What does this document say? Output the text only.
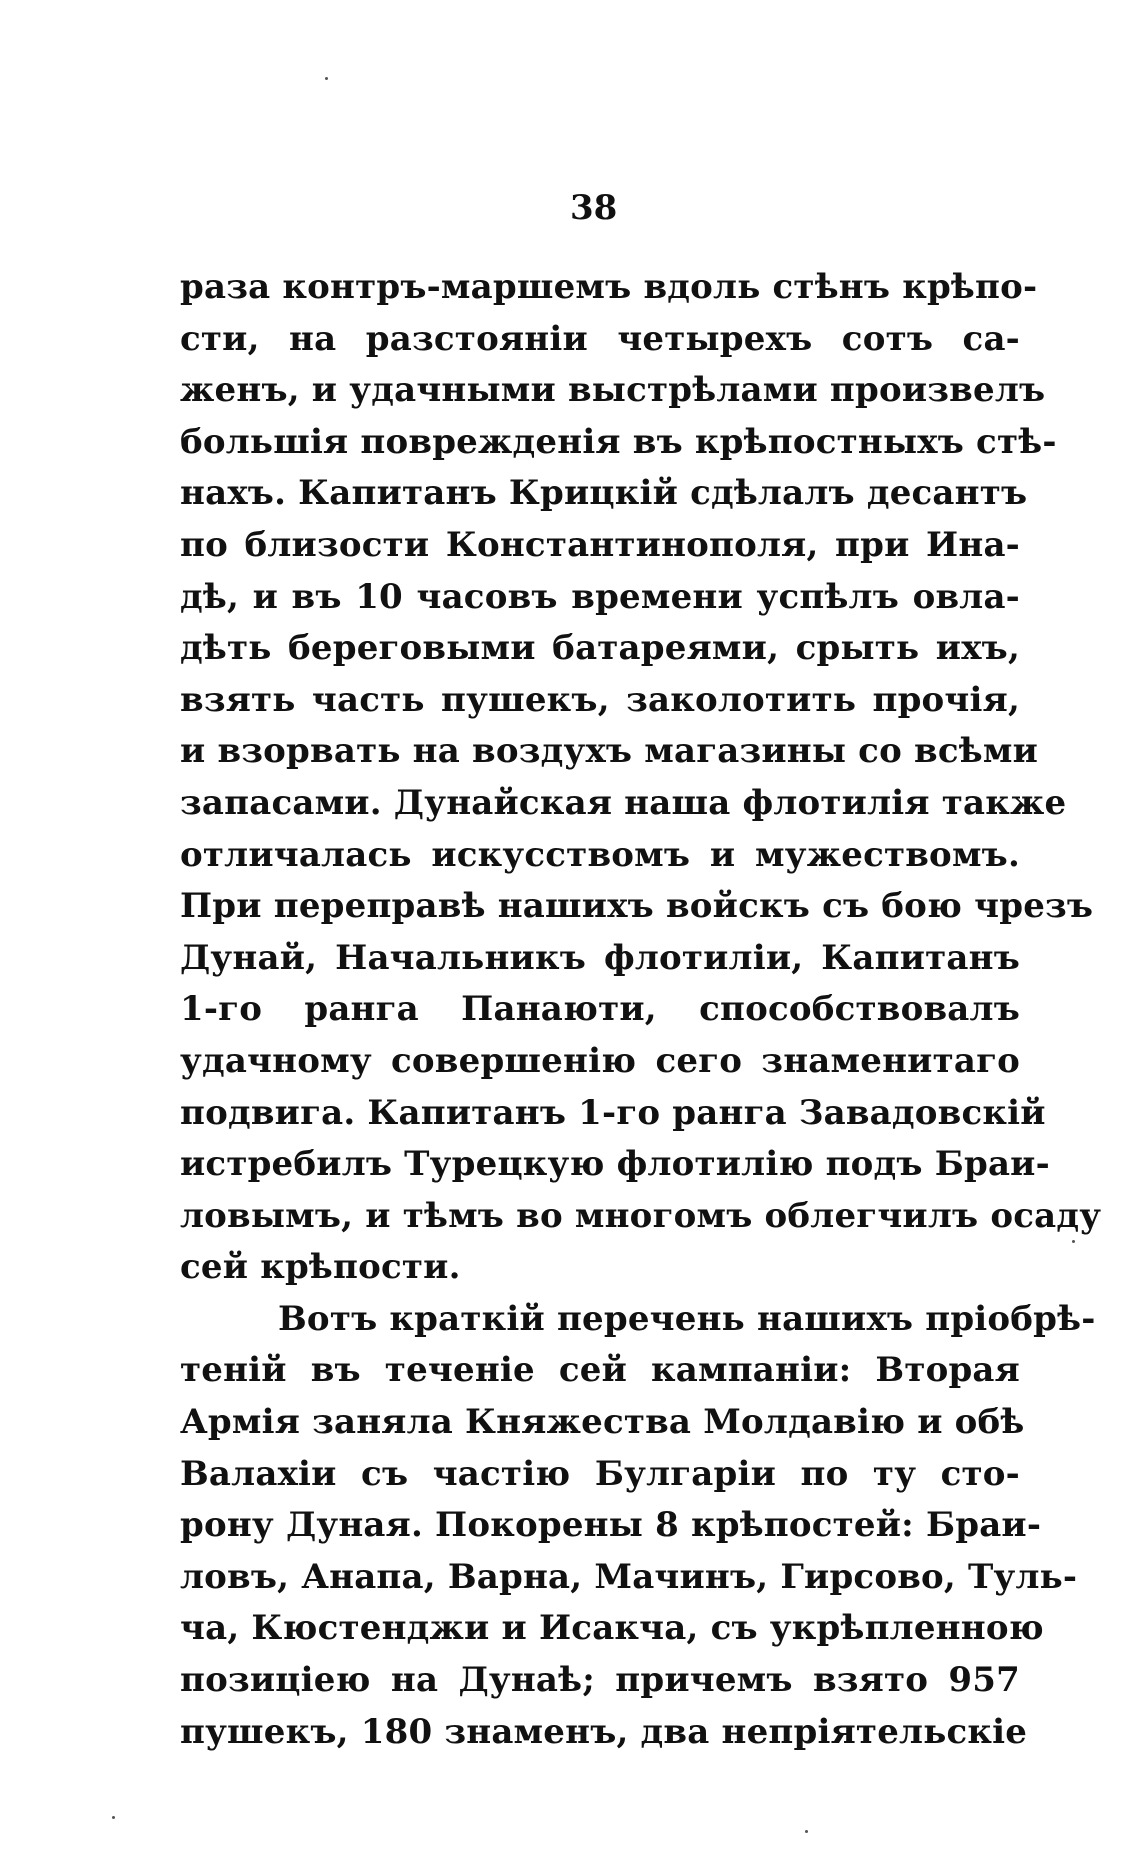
38
раза контръ-маршемъ вдоль стѣнъ крѣпо-
сти, на разстояніи четырехъ сотъ са-
женъ, и удачными выстрѣлами произвелъ
большія поврежденія въ крѣпостныхъ стѣ-
нахъ. Капитанъ Крицкій сдѣлалъ десантъ
по близости Константинополя, при Ина-
дѣ, и въ 10 часовъ времени успѣлъ овла-
дѣть береговыми батареями, срыть ихъ,
взять часть пушекъ, заколотить прочія,
и взорвать на воздухъ магазины со всѣми
запасами. Дунайская наша флотилія также
отличалась искусствомъ и мужествомъ.
При переправѣ нашихъ войскъ съ бою чрезъ
Дунай, Начальникъ флотиліи, Капитанъ
1-го ранга Панаюти, способствовалъ
удачному совершенію сего знаменитаго
подвига. Капитанъ 1-го ранга Завадовскій
истребилъ Турецкую флотилію подъ Браи-
ловымъ, и тѣмъ во многомъ облегчилъ осаду
сей крѣпости.
Вотъ краткій перечень нашихъ пріобрѣ-
теній въ теченіе сей кампаніи: Вторая
Армія заняла Княжества Молдавію и обѣ
Валахіи съ частію Булгаріи по ту сто-
рону Дуная. Покорены 8 крѣпостей: Браи-
ловъ, Анапа, Варна, Мачинъ, Гирсово, Туль-
ча, Кюстенджи и Исакча, съ укрѣпленною
позиціею на Дунаѣ; причемъ взято 957
пушекъ, 180 знаменъ, два непріятельскіе
